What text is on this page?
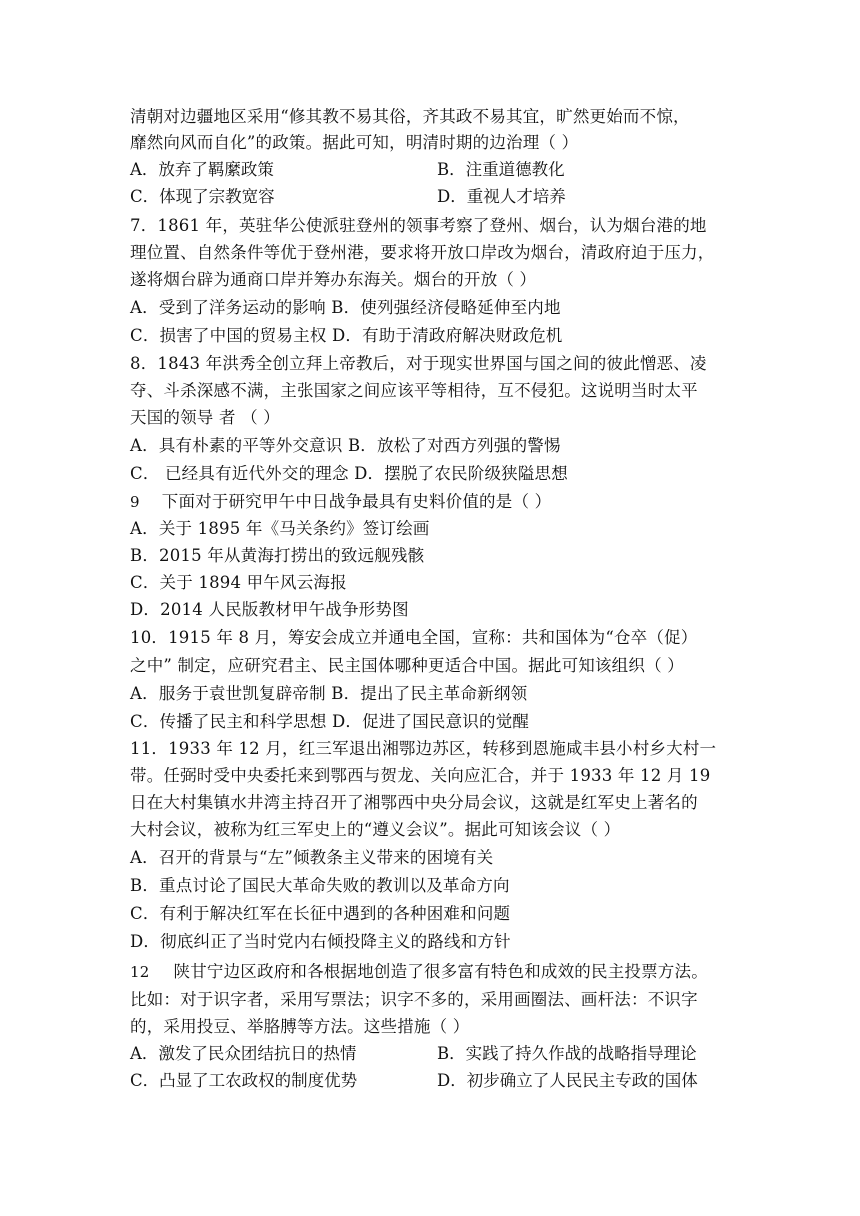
清朝对边疆地区采用“修其教不易其俗，齐其政不易其宜，旷然更始而不惊，
靡然向风而自化”的政策。据此可知，明清时期的边治理（ ）
A．放弃了羁縻政策	B．注重道德教化
C．体现了宗教宽容	D．重视人才培养
7．1861 年，英驻华公使派驻登州的领事考察了登州、烟台，认为烟台港的地
理位置、自然条件等优于登州港，要求将开放口岸改为烟台，清政府迫于压力，
遂将烟台辟为通商口岸并筹办东海关。烟台的开放（ ）
A．受到了洋务运动的影响 B．使列强经济侵略延伸至内地
C．损害了中国的贸易主权 D．有助于清政府解决财政危机
8．1843 年洪秀全创立拜上帝教后，对于现实世界国与国之间的彼此憎恶、凌
夺、斗杀深感不满，主张国家之间应该平等相待，互不侵犯。这说明当时太平
天国的领导 者 （ ）
A．具有朴素的平等外交意识 B．放松了对西方列强的警惕
C． 已经具有近代外交的理念 D．摆脱了农民阶级狭隘思想
9 下面对于研究甲午中日战争最具有史料价值的是（ ）
A．关于 1895 年《马关条约》签订绘画
B．2015 年从黄海打捞出的致远舰残骸
C．关于 1894 甲午风云海报
D．2014 人民版教材甲午战争形势图
10．1915 年 8 月，筹安会成立并通电全国，宣称：共和国体为“仓卒（促）
之中” 制定，应研究君主、民主国体哪种更适合中国。据此可知该组织（ ）
A．服务于袁世凯复辟帝制 B．提出了民主革命新纲领
C．传播了民主和科学思想 D．促进了国民意识的觉醒
11．1933 年 12 月，红三军退出湘鄂边苏区，转移到恩施咸丰县小村乡大村一
带。任弼时受中央委托来到鄂西与贺龙、关向应汇合，并于 1933 年 12 月 19
日在大村集镇水井湾主持召开了湘鄂西中央分局会议，这就是红军史上著名的
大村会议，被称为红三军史上的“遵义会议”。据此可知该会议（ ）
A．召开的背景与“左”倾教条主义带来的困境有关
B．重点讨论了国民大革命失败的教训以及革命方向
C．有利于解决红军在长征中遇到的各种困难和问题
D．彻底纠正了当时党内右倾投降主义的路线和方针
12 陕甘宁边区政府和各根据地创造了很多富有特色和成效的民主投票方法。
比如：对于识字者，采用写票法；识字不多的，采用画圈法、画杆法：不识字
的，采用投豆、举胳膊等方法。这些措施（ ）
A．激发了民众团结抗日的热情	B．实践了持久作战的战略指导理论
C．凸显了工农政权的制度优势	D．初步确立了人民民主专政的国体
